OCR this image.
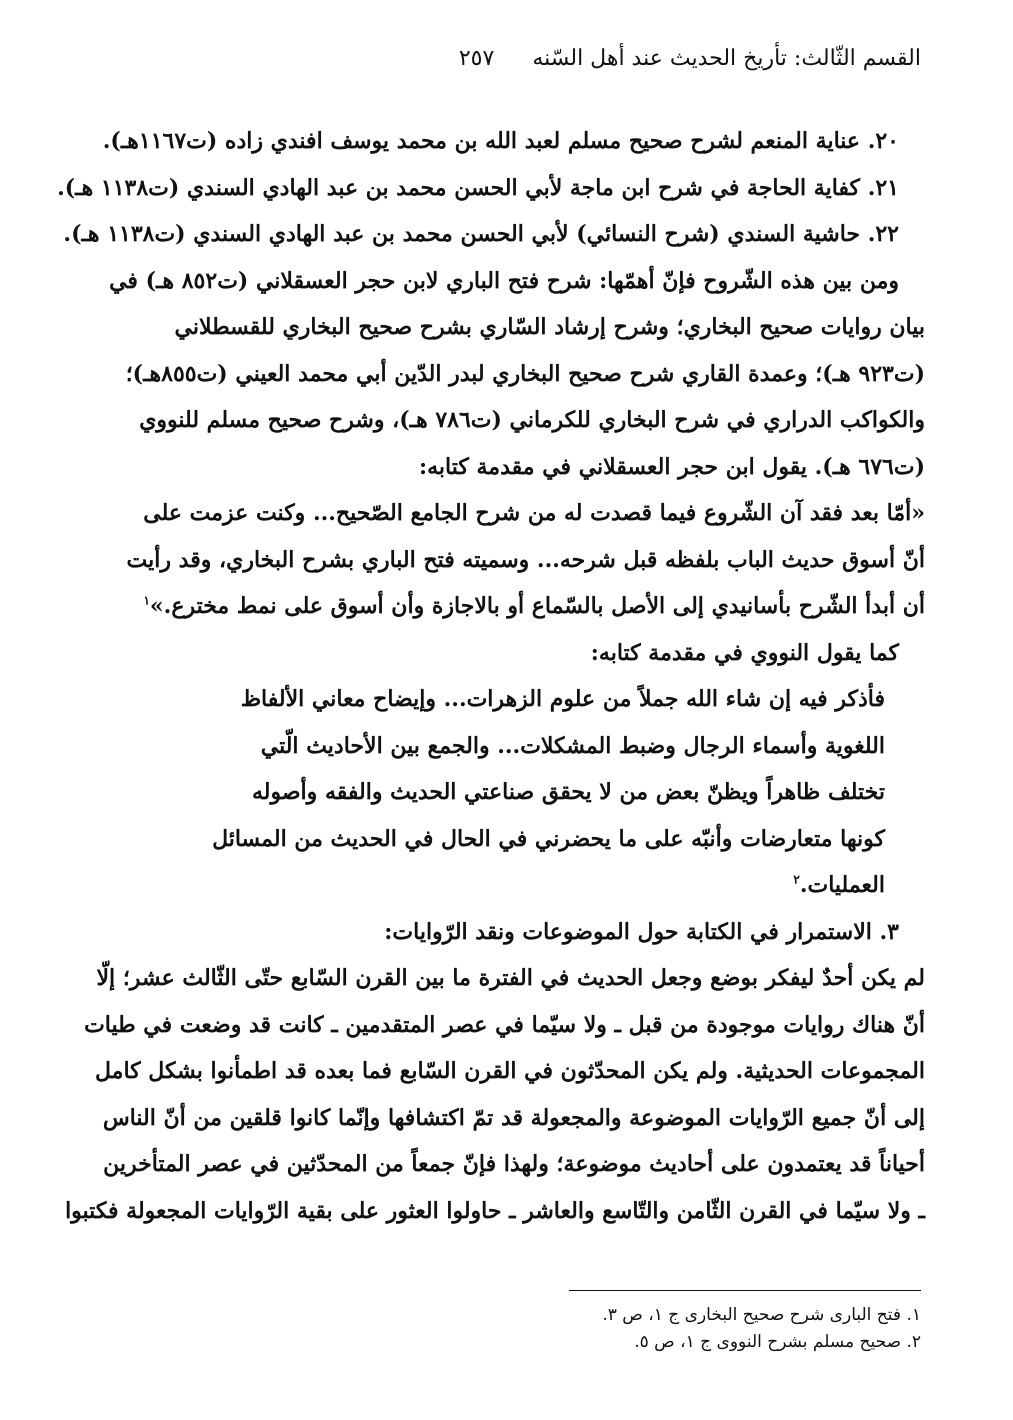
القسم الثّالث: تأريخ الحديث عند أهل السّنه
٢٥٧
٢٠. عناية المنعم لشرح صحيح مسلم لعبد الله بن محمد يوسف افندي زاده (ت١١٦٧هـ).
٢١. كفاية الحاجة في شرح ابن ماجة لأبي الحسن محمد بن عبد الهادي السندي (ت١١٣٨ هـ).
٢٢. حاشية السندي (شرح النسائي) لأبي الحسن محمد بن عبد الهادي السندي (ت١١٣٨ هـ).
ومن بين هذه الشّروح فإنّ أهمّها: شرح فتح الباري لابن حجر العسقلاني (ت٨٥٢ هـ) في
بيان روايات صحيح البخاري؛ وشرح إرشاد السّاري بشرح صحيح البخاري للقسطلاني
(ت٩٢٣ هـ)؛ وعمدة القاري شرح صحيح البخاري لبدر الدّين أبي محمد العيني (ت٨٥٥هـ)؛
والكواكب الدراري في شرح البخاري للكرماني (ت٧٨٦ هـ)، وشرح صحيح مسلم للنووي
(ت٦٧٦ هـ). يقول ابن حجر العسقلاني في مقدمة كتابه:
«أمّا بعد فقد آن الشّروع فيما قصدت له من شرح الجامع الصّحيح... وكنت عزمت على
أنّ أسوق حديث الباب بلفظه قبل شرحه... وسميته فتح الباري بشرح البخاري، وقد رأيت
أن أبدأ الشّرح بأسانيدي إلى الأصل بالسّماع أو بالاجازة وأن أسوق على نمط مخترع.»$^١$
كما يقول النووي في مقدمة كتابه:
فأذكر فيه إن شاء الله جملاً من علوم الزهرات... وإيضاح معاني الألفاظ
اللغوية وأسماء الرجال وضبط المشكلات... والجمع بين الأحاديث الّتي
تختلف ظاهراً ويظنّ بعض من لا يحقق صناعتي الحديث والفقه وأصوله
كونها متعارضات وأنبّه على ما يحضرني في الحال في الحديث من المسائل
العمليات.$^٢$
٣. الاستمرار في الكتابة حول الموضوعات ونقد الرّوايات:
لم يكن أحدٌ ليفكر بوضع وجعل الحديث في الفترة ما بين القرن السّابع حتّى الثّالث عشر؛ إلّا
أنّ هناك روايات موجودة من قبل ـ ولا سيّما في عصر المتقدمين ـ كانت قد وضعت في طيات
المجموعات الحديثية. ولم يكن المحدّثون في القرن السّابع فما بعده قد اطمأنوا بشكل كامل
إلى أنّ جميع الرّوايات الموضوعة والمجعولة قد تمّ اكتشافها وإنّما كانوا قلقين من أنّ الناس
أحياناً قد يعتمدون على أحاديث موضوعة؛ ولهذا فإنّ جمعاً من المحدّثين في عصر المتأخرين
ـ ولا سيّما في القرن الثّامن والتّاسع والعاشر ـ حاولوا العثور على بقية الرّوايات المجعولة فكتبوا
١. فتح البارى شرح صحيح البخارى ج ١، ص ٣.
٢. صحيح مسلم بشرح النووى ج ١، ص ٥.
